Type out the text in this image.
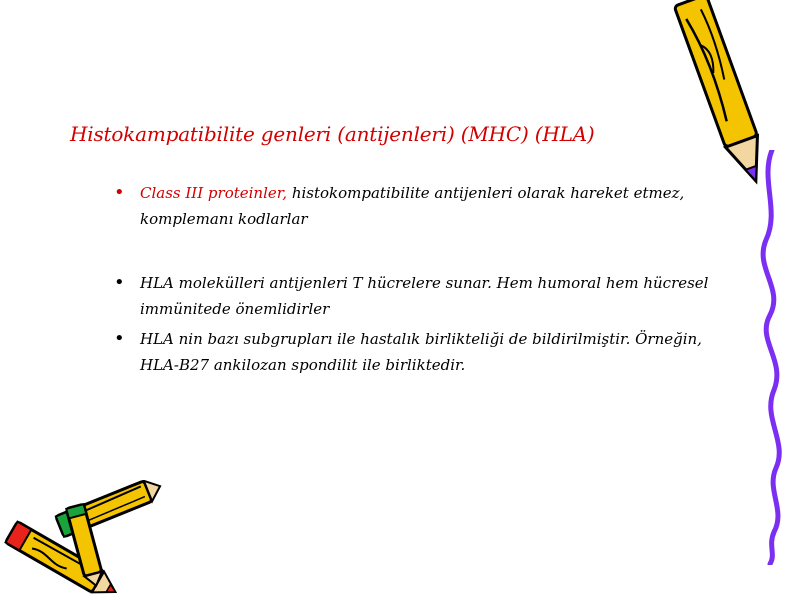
Histokampatibilite genleri (antijenleri) (MHC) (HLA)
• Class III proteinler, histokompatibilite antijenleri olarak hareket etmez, komplemanı kodlarlar
• HLA molekülleri antijenleri T hücrelere sunar. Hem humoral hem hücresel immünitede önemlidirler
• HLA nin bazı subgrupları ile hastalık birlikteliği de bildirilmiştir. Örneğin, HLA-B27 ankilozan spondilit ile birliktedir.
